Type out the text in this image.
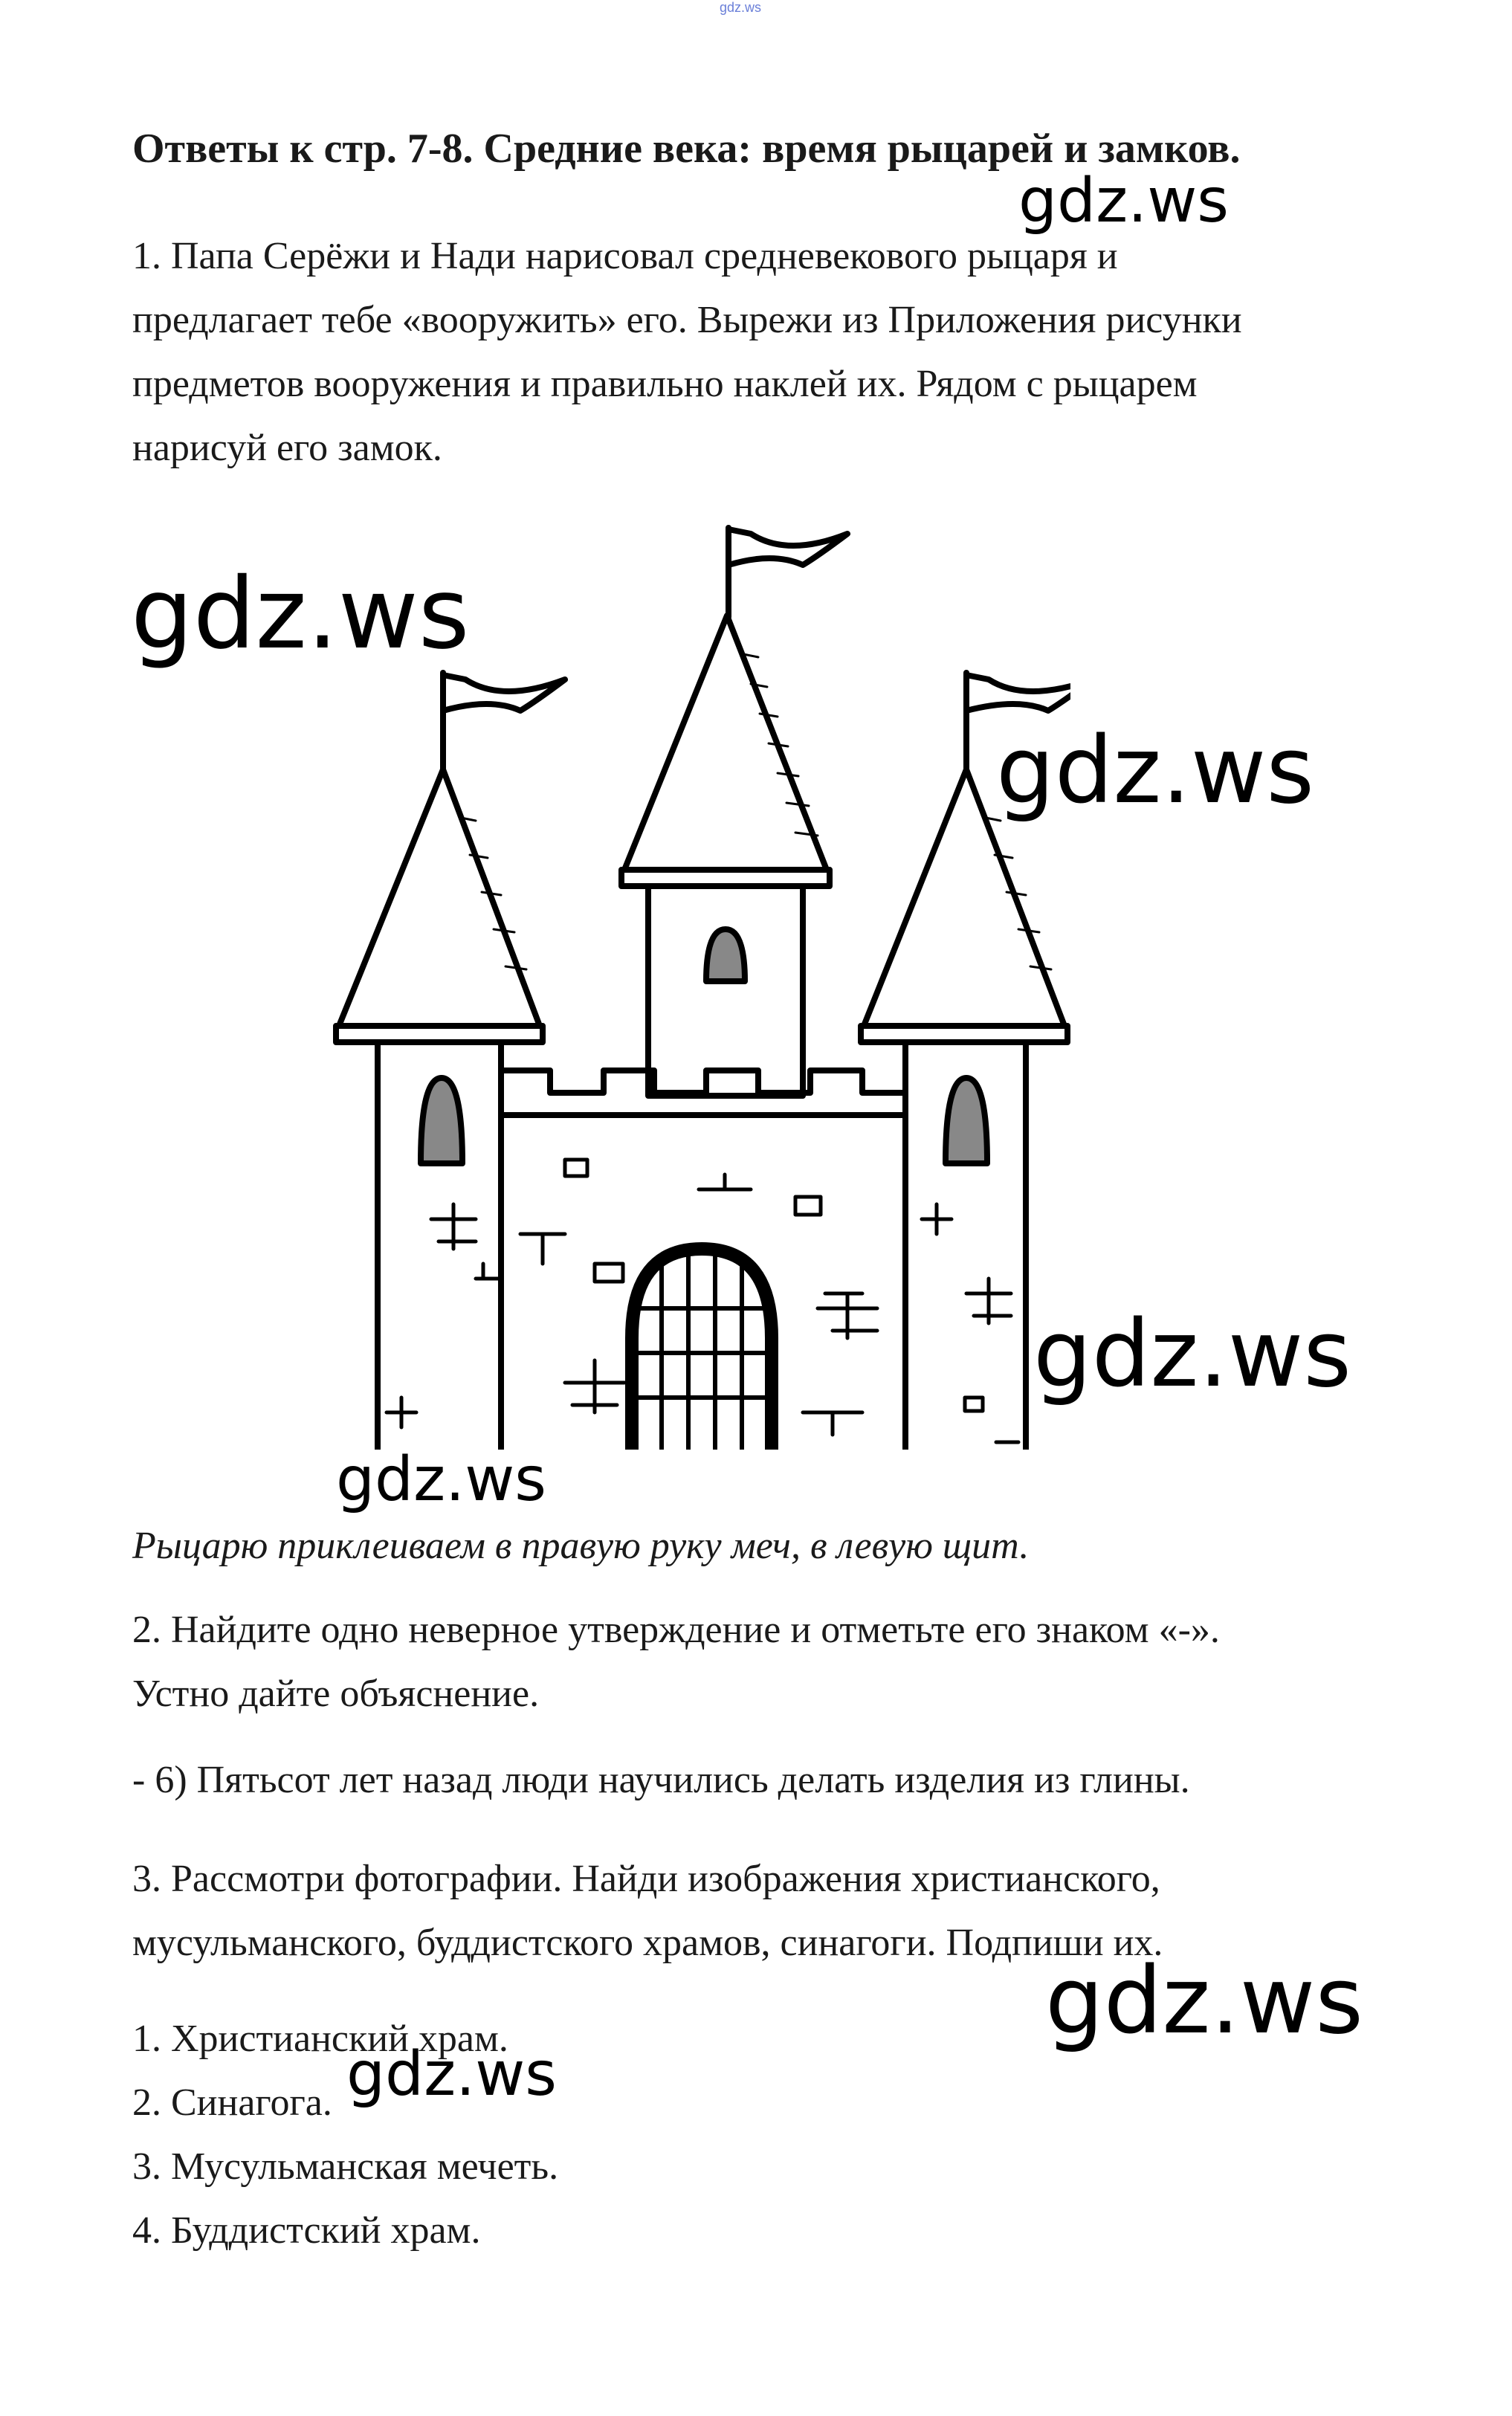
gdz.ws
Ответы к стр. 7-8. Средние века: время рыцарей и замков.
1. Папа Серёжи и Нади нарисовал средневекового рыцаря и
предлагает тебе «вооружить» его. Вырежи из Приложения рисунки
предметов вооружения и правильно наклей их. Рядом с рыцарем
нарисуй его замок.
Рыцарю приклеиваем в правую руку меч, в левую щит.
2. Найдите одно неверное утверждение и отметьте его знаком «-».
Устно дайте объяснение.
- 6) Пятьсот лет назад люди научились делать изделия из глины.
3. Рассмотри фотографии. Найди изображения христианского,
мусульманского, буддистского храмов, синагоги. Подпиши их.
1. Христианский храм.
2. Синагога.
3. Мусульманская мечеть.
4. Буддистский храм.
gdz.ws
gdz.ws
gdz.ws
gdz.ws
gdz.ws
gdz.ws
gdz.ws
